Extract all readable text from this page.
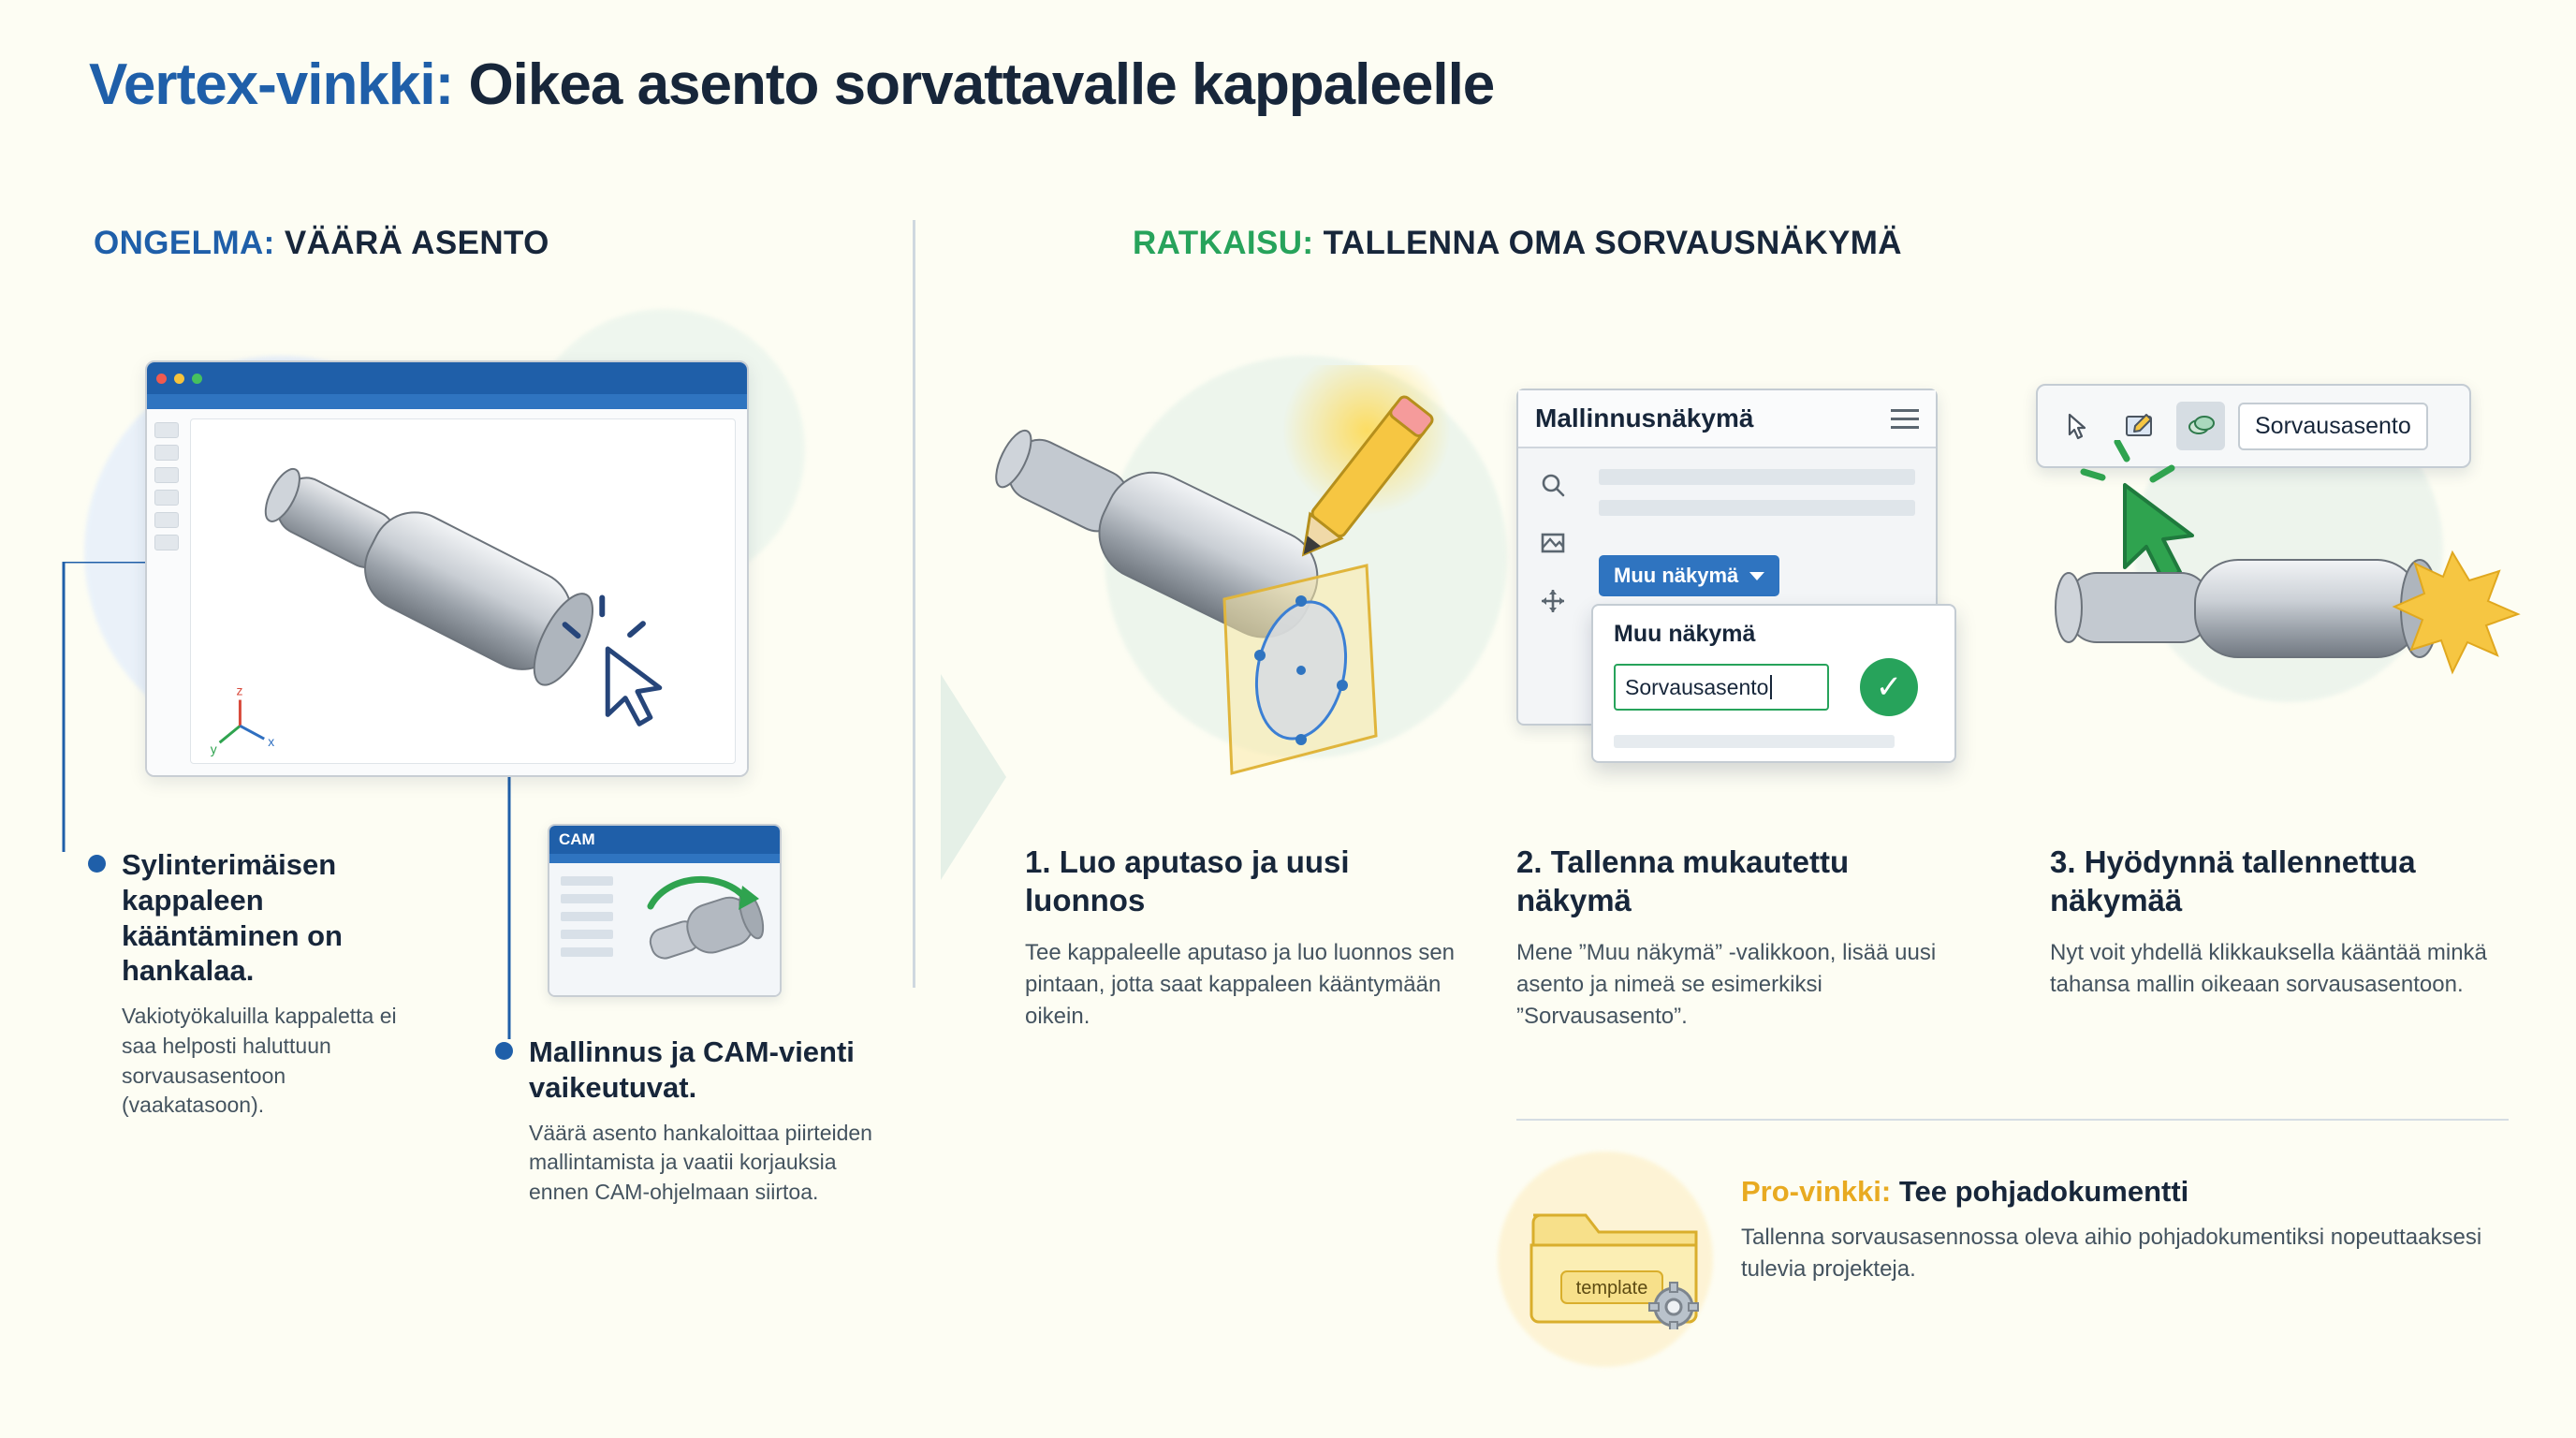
Vertex-vinkki: Oikea asento sorvattavalle kappaleelle
ONGELMA: VÄÄRÄ ASENTO	RATKAISU: TALLENNA OMA SORVAUSNÄKYMÄ
y
z
x
CAM
Sylinterimäisen kappaleen kääntäminen on hankalaa.

Vakiotyökaluilla kappaletta ei saa helposti haluttuun sorvausasentoon (vaakatasoon).

Mallinnus ja CAM-vienti vaikeutuvat.

Väärä asento hankaloittaa piirteiden mallintamista ja vaatii korjauksia ennen CAM-ohjelmaan siirtoa.

1. Luo aputaso ja uusi luonnos

Tee kappaleelle aputaso ja luo luonnos sen pintaan, jotta saat kappaleen kääntymään oikein.

Mallinnusnäkymä
Muu näkymä
Muu näkymä
Sorvausasento	✓
2. Tallenna mukautettu näkymä

Mene ”Muu näkymä” -valikkoon, lisää uusi asento ja nimeä se esimerkiksi ”Sorvausasento”.

Sorvausasento
3. Hyödynnä tallennettua näkymää

Nyt voit yhdellä klikkauksella kääntää minkä tahansa mallin oikeaan sorvausasentoon.

template
Pro-vinkki: Tee pohjadokumentti

Tallenna sorvausasennossa oleva aihio pohjadokumentiksi nopeuttaaksesi tulevia projekteja.
